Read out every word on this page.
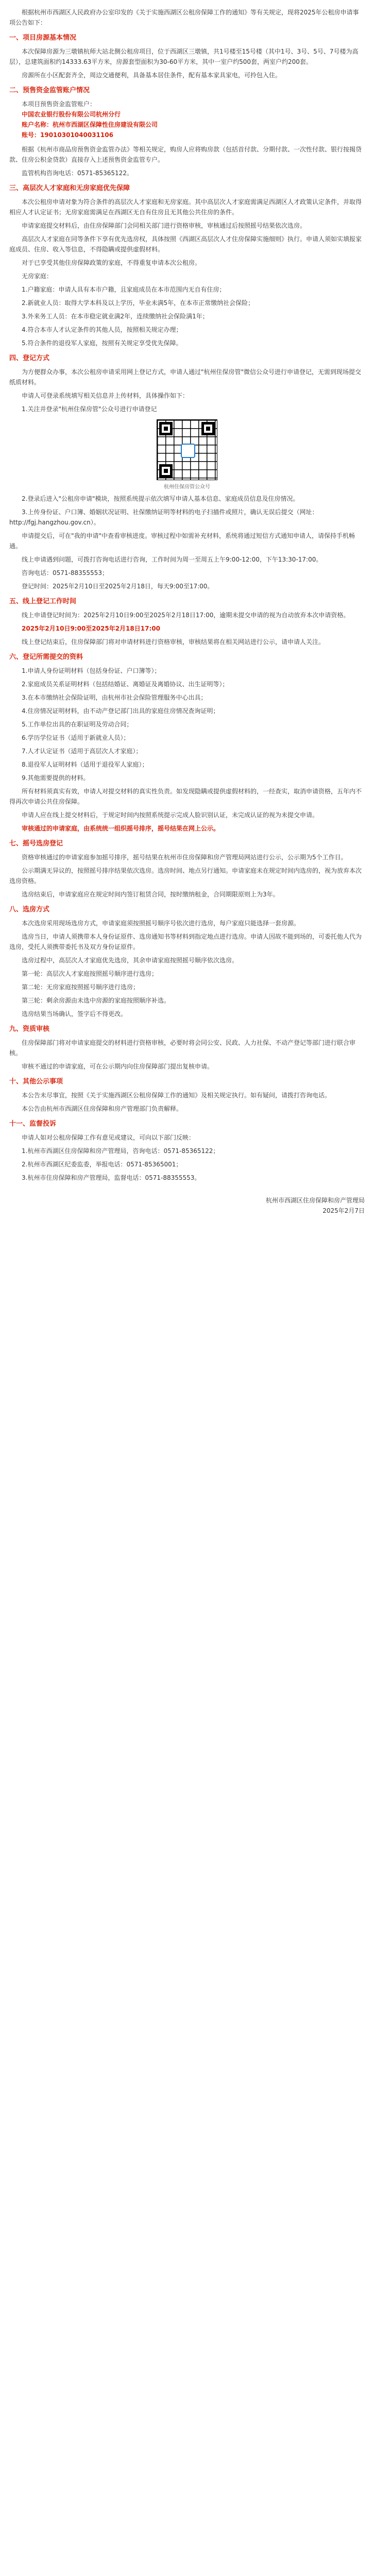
根据杭州市西湖区人民政府办公室印发的《关于实施西湖区公租房保障工作的通知》等有关规定，现将2025年公租房申请事项公告如下：

一、项目房源基本情况

本次保障房源为三墩镇杭师大站北侧公租房项目，位于西湖区三墩镇，共1号楼至15号楼（其中1号、3号、5号、7号楼为高层），总建筑面积约14333.63平方米，房源套型面积为30-60平方米，其中一室户约500套，两室户约200套。

房源所在小区配套齐全，周边交通便利，具备基本居住条件，配有基本家具家电，可拎包入住。

二、预售资金监管账户情况

本项目预售资金监管账户：

中国农业银行股份有限公司杭州分行

账户名称：杭州市西湖区保障性住房建设有限公司

账号：19010301040031106

根据《杭州市商品房预售资金监管办法》等相关规定，购房人应将购房款（包括首付款、分期付款、一次性付款、银行按揭贷款、住房公积金贷款）直接存入上述预售资金监管专户。

监管机构咨询电话：0571-85365122。

三、高层次人才家庭和无房家庭优先保障

本次公租房申请对象为符合条件的高层次人才家庭和无房家庭。其中高层次人才家庭需满足西湖区人才政策认定条件，并取得相应人才认定证书；无房家庭需满足在西湖区无自有住房且无其他公共住房的条件。

申请家庭提交材料后，由住房保障部门会同相关部门进行资格审核，审核通过后按照摇号结果依次选房。

高层次人才家庭在同等条件下享有优先选房权，具体按照《西湖区高层次人才住房保障实施细则》执行。申请人须如实填报家庭成员、住房、收入等信息，不得隐瞒或提供虚假材料。

对于已享受其他住房保障政策的家庭，不得重复申请本次公租房。

无房家庭：

1.户籍家庭：申请人具有本市户籍，且家庭成员在本市范围内无自有住房；

2.新就业人员：取得大学本科及以上学历，毕业未满5年，在本市正常缴纳社会保险；

3.外来务工人员：在本市稳定就业满2年，连续缴纳社会保险满1年；

4.符合本市人才认定条件的其他人员，按照相关规定办理；

5.符合条件的退役军人家庭，按照有关规定享受优先保障。

四、登记方式

为方便群众办事，本次公租房申请采用网上登记方式，申请人通过"杭州住保房管"微信公众号进行申请登记，无需到现场提交纸质材料。

申请人可登录系统填写相关信息并上传材料，具体操作如下：

1.关注并登录"杭州住保房管"公众号进行申请登记

杭州住保房管公众号

2.登录后进入"公租房申请"模块，按照系统提示依次填写申请人基本信息、家庭成员信息及住房情况。

3.上传身份证、户口簿、婚姻状况证明、社保缴纳证明等材料的电子扫描件或照片，确认无误后提交（网址：http://fgj.hangzhou.gov.cn）。

申请提交后，可在"我的申请"中查看审核进度。审核过程中如需补充材料，系统将通过短信方式通知申请人，请保持手机畅通。

线上申请遇到问题，可拨打咨询电话进行咨询，工作时间为周一至周五上午9:00-12:00，下午13:30-17:00。

咨询电话：0571-88355553；

登记时间：2025年2月10日至2025年2月18日，每天9:00至17:00。

五、线上登记工作时间

线上申请登记时间为：2025年2月10日9:00至2025年2月18日17:00，逾期未提交申请的视为自动放弃本次申请资格。

2025年2月10日9:00至2025年2月18日17:00

线上登记结束后，住房保障部门将对申请材料进行资格审核，审核结果将在相关网站进行公示，请申请人关注。

六、登记所需提交的资料

1.申请人身份证明材料（包括身份证、户口簿等）；

2.家庭成员关系证明材料（包括结婚证、离婚证及离婚协议、出生证明等）；

3.在本市缴纳社会保险证明，由杭州市社会保险管理服务中心出具；

4.住房情况证明材料，由不动产登记部门出具的家庭住房情况查询证明；

5.工作单位出具的在职证明及劳动合同；

6.学历学位证书（适用于新就业人员）；

7.人才认定证书（适用于高层次人才家庭）；

8.退役军人证明材料（适用于退役军人家庭）；

9.其他需要提供的材料。

所有材料须真实有效，申请人对提交材料的真实性负责。如发现隐瞒或提供虚假材料的，一经查实，取消申请资格，五年内不得再次申请公共住房保障。

申请人应在线上提交材料后，于规定时间内按照系统提示完成人脸识别认证，未完成认证的视为未提交申请。

审核通过的申请家庭，由系统统一组织摇号排序，摇号结果在网上公示。

七、摇号选房登记

资格审核通过的申请家庭参加摇号排序，摇号结果在杭州市住房保障和房产管理局网站进行公示，公示期为5个工作日。

公示期满无异议的，按照摇号排序结果依次选房。选房时间、地点另行通知。申请家庭未在规定时间内选房的，视为放弃本次选房资格。

选房结束后，申请家庭应在规定时间内签订租赁合同，按时缴纳租金，合同期限原则上为3年。

八、选房方式

本次选房采用现场选房方式，申请家庭须按照摇号顺序号依次进行选房，每户家庭只能选择一套房源。

选房当日，申请人须携带本人身份证原件、选房通知书等材料到指定地点进行选房。申请人因故不能到场的，可委托他人代为选房，受托人须携带委托书及双方身份证原件。

选房过程中，高层次人才家庭优先选房，其余申请家庭按照摇号顺序依次选房。

第一轮：高层次人才家庭按照摇号顺序进行选房；

第二轮：无房家庭按照摇号顺序进行选房；

第三轮：剩余房源由未选中房源的家庭按照顺序补选。

选房结果当场确认，签字后不得更改。

九、资质审核

住房保障部门将对申请家庭提交的材料进行资格审核，必要时将会同公安、民政、人力社保、不动产登记等部门进行联合审核。

审核不通过的申请家庭，可在公示期内向住房保障部门提出复核申请。

十、其他公示事项

本公告未尽事宜，按照《关于实施西湖区公租房保障工作的通知》及相关规定执行。如有疑问，请拨打咨询电话。

本公告由杭州市西湖区住房保障和房产管理部门负责解释。

十一、监督投诉

申请人如对公租房保障工作有意见或建议，可向以下部门反映：

1.杭州市西湖区住房保障和房产管理局，咨询电话：0571-85365122；

2.杭州市西湖区纪委监委，举报电话：0571-85365001；

3.杭州市住房保障和房产管理局，监督电话：0571-88355553。

杭州市西湖区住房保障和房产管理局
2025年2月7日
